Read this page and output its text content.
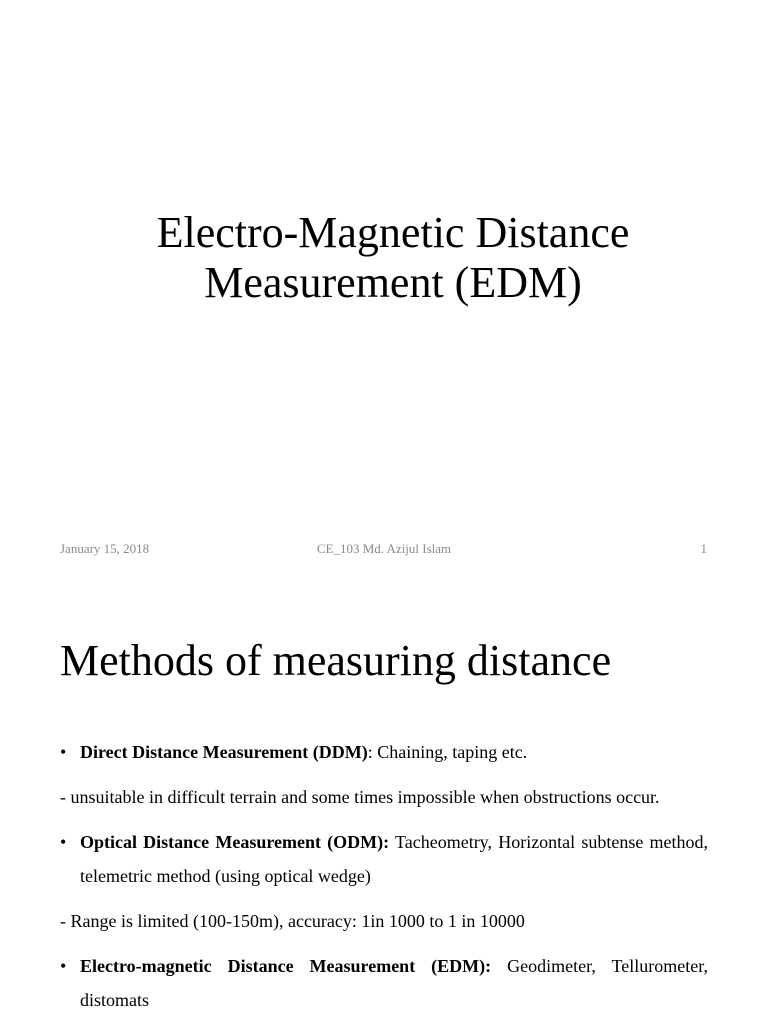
Electro-Magnetic Distance
Measurement (EDM)
January 15, 2018	CE_103 Md. Azijul Islam	1
Methods of measuring distance

• Direct Distance Measurement (DDM): Chaining, taping etc.

- unsuitable in difficult terrain and some times impossible when obstructions occur.

• Optical Distance Measurement (ODM): Tacheometry, Horizontal subtense method, telemetric method (using optical wedge)

- Range is limited (100-150m), accuracy: 1in 1000 to 1 in 10000

• Electro-magnetic Distance Measurement (EDM): Geodimeter, Tellurometer, distomats
